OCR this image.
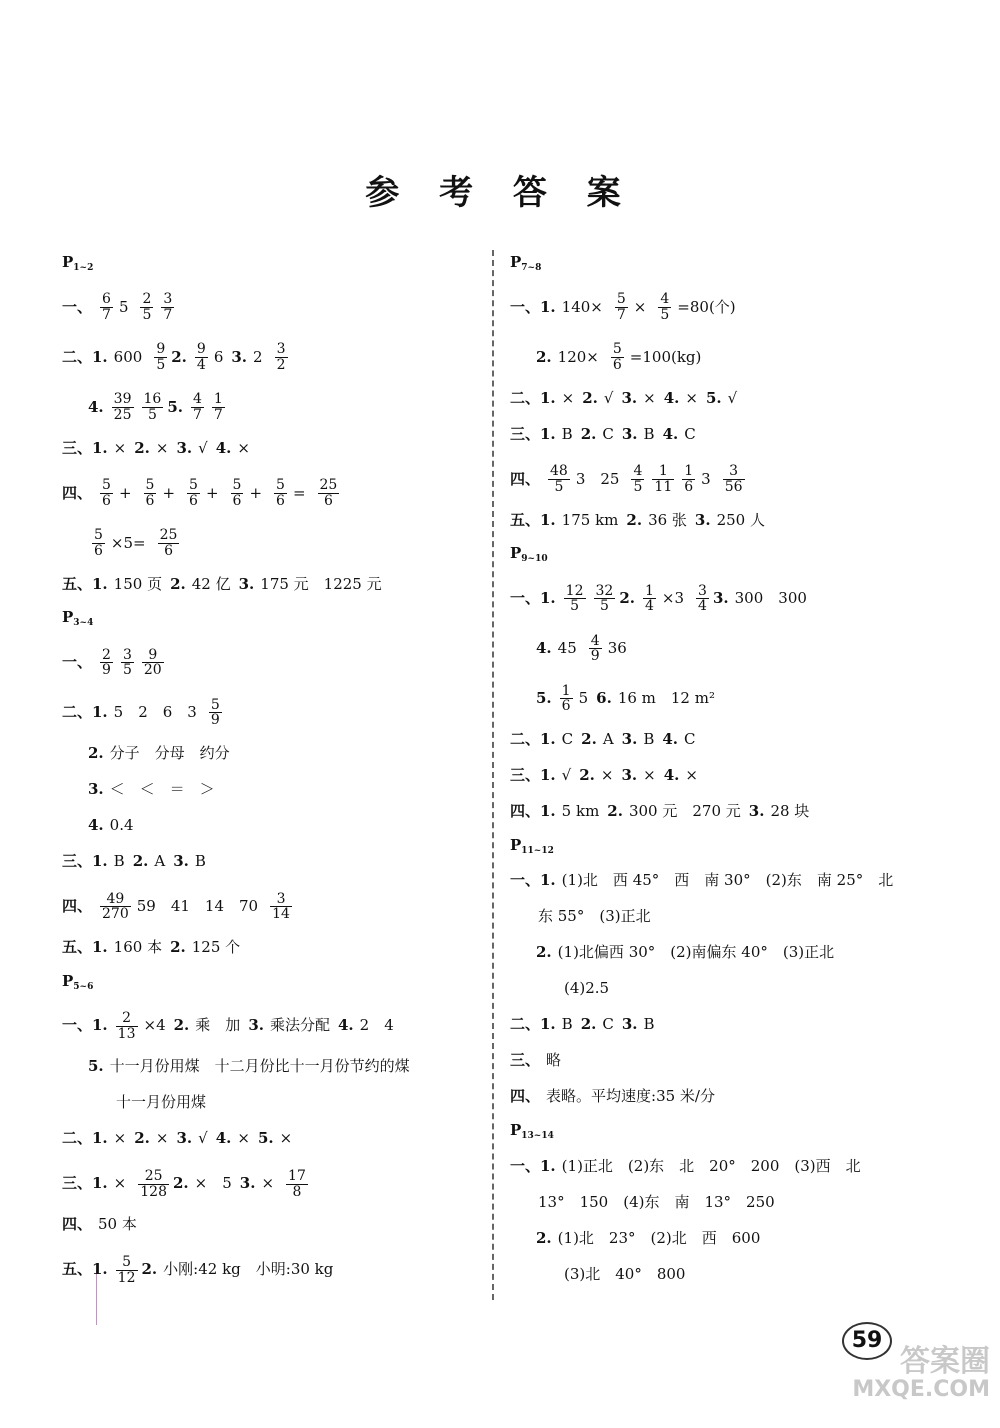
参 考 答 案
$P_{1\sim 2}$
一、 $\frac{6}{7} 5 \frac{2}{5} \frac{3}{7}$
二、1. $600 \frac{9}{5} 2$. $\frac{9}{4} 6$ 3. $2 \frac{3}{2}$
4. $\frac{39}{25} \frac{16}{5} 5$. $\frac{4}{7} \frac{1}{7}$
三、1. × 2. × 3. √ 4. ×
四、 $\frac{5}{6} + \frac{5}{6} + \frac{5}{6} + \frac{5}{6} + \frac{5}{6} = \frac{25}{6}$
$\frac{5}{6} \times 5= \frac{25}{6}$
五、1. 150 页 2. 42 亿 3. 175 元　1225 元
$P_{3\sim 4}$
一、 $\frac{2}{9} \frac{3}{5} \frac{9}{20}$
二、1. 5　2　6　$3 \frac{5}{9}$
2. 分子　分母　约分
3. ＜　＜　＝　＞
4. 0.4
三、1. B 2. A 3. B
四、 $\frac{49}{270} 59$　41　14　$70 \frac{3}{14}$
五、1. 160 本 2. 125 个
$P_{5\sim 6}$
一、1. $\frac{2}{13} \times 4$ 2. 乘　加 3. 乘法分配 4. 2　4
5. 十一月份用煤　十二月份比十一月份节约的煤
十一月份用煤
二、1. × 2. × 3. √ 4. × 5. ×
三、1. × $\frac{25}{128} 2$. ×　5 3. × $\frac{17}{8}$
四、 50 本
五、1. $\frac{5}{12} 2$. 小刚:42 kg　小明:30 kg
$P_{7\sim 8}$
一、1. $140\times \frac{5}{7} \times \frac{4}{5} =80$(个)
2. $120\times \frac{5}{6} =100(kg)$
二、1. × 2. √ 3. × 4. × 5. √
三、1. B 2. C 3. B 4. C
四、 $\frac{48}{5} 3$　$25 \frac{4}{5} \frac{1}{11} \frac{1}{6} 3 \frac{3}{56}$
五、1. 175 km 2. 36 张 3. 250 人
$P_{9\sim 10}$
一、1. $\frac{12}{5} \frac{32}{5} 2$. $\frac{1}{4} \times 3 \frac{3}{4} 3$. 300　300
4. $45 \frac{4}{9} 36$
5. $\frac{1}{6} 5$ 6. 16 m　12 m²
二、1. C 2. A 3. B 4. C
三、1. √ 2. × 3. × 4. ×
四、1. 5 km 2. 300 元　270 元 3. 28 块
$P_{11\sim 12}$
一、1. (1)北　西 45°　西　南 30°　(2)东　南 25°　北
东 55°　(3)正北
2. (1)北偏西 30°　(2)南偏东 40°　(3)正北
(4)2.5
二、1. B 2. C 3. B
三、 略
四、 表略。平均速度:35 米/分
$P_{13\sim 14}$
一、1. (1)正北　(2)东　北　20°　200　(3)西　北
13°　150　(4)东　南　13°　250
2. (1)北　23°　(2)北　西　600
(3)北　40°　800
59
答案圈
MXQE.COM
